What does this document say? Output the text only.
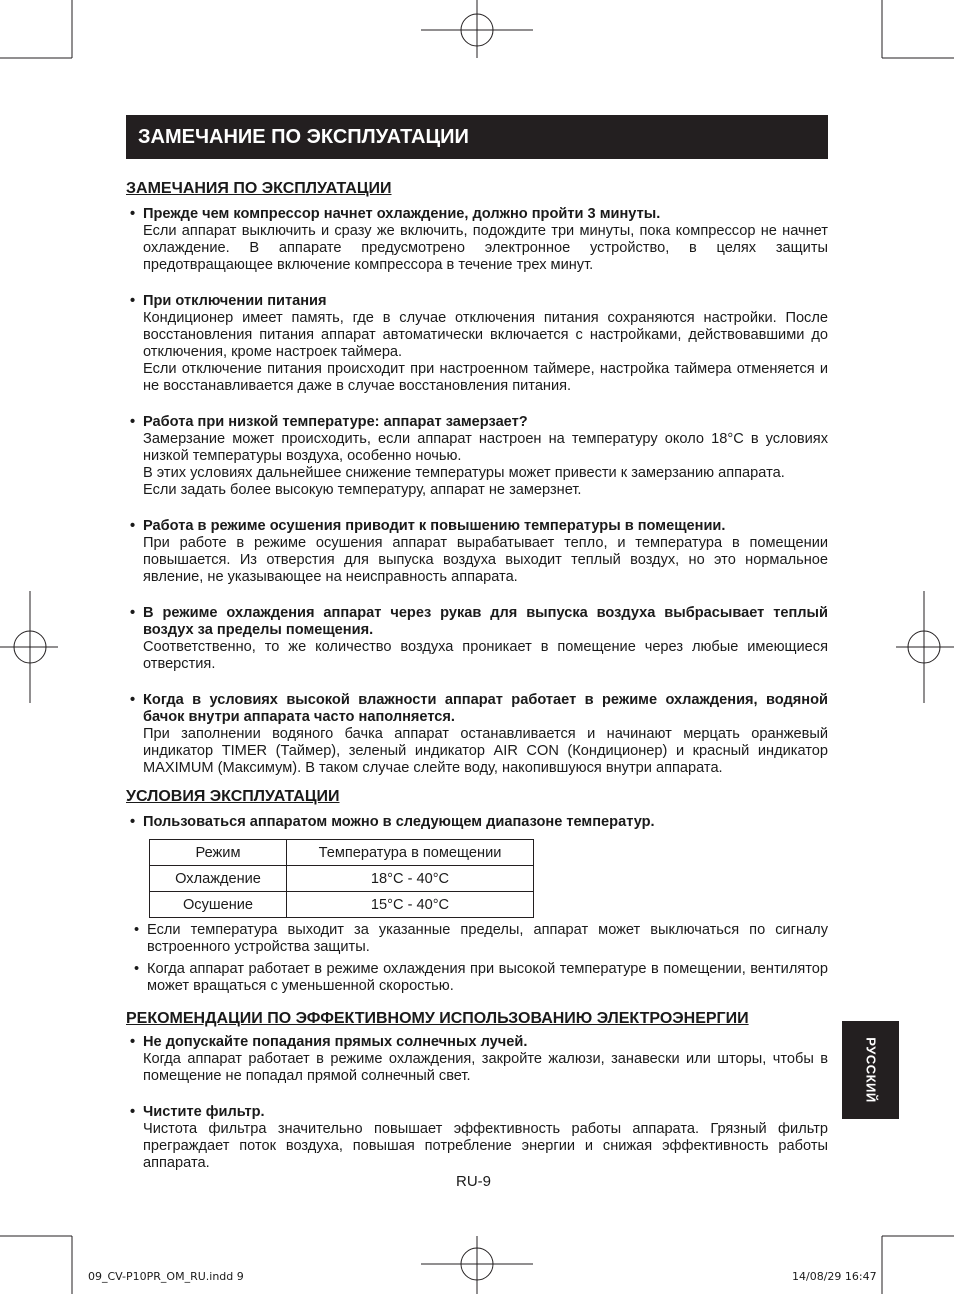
ЗАМЕЧАНИЕ ПО ЭКСПЛУАТАЦИИ
ЗАМЕЧАНИЯ ПО ЭКСПЛУАТАЦИИ
• Прежде чем компрессор начнет охлаждение, должно пройти 3 минуты.

Если аппарат выключить и сразу же включить, подождите три минуты, пока компрессор не начнет охлаждение. В аппарате предусмотрено электронное устройство, в целях защиты предотвращающее включение компрессора в течение трех минут.

• При отключении питания

Кондиционер имеет память, где в случае отключения питания сохраняются настройки. После восстановления питания аппарат автоматически включается с настройками, действовавшими до отключения, кроме настроек таймера.

Если отключение питания происходит при настроенном таймере, настройка таймера отменяется и не восстанавливается даже в случае восстановления питания.

• Работа при низкой температуре: аппарат замерзает?

Замерзание может происходить, если аппарат настроен на температуру около 18°C в условиях низкой температуры воздуха, особенно ночью.

В этих условиях дальнейшее снижение температуры может привести к замерзанию аппарата.

Если задать более высокую температуру, аппарат не замерзнет.

• Работа в режиме осушения приводит к повышению температуры в помещении.

При работе в режиме осушения аппарат вырабатывает тепло, и температура в помещении повышается. Из отверстия для выпуска воздуха выходит теплый воздух, но это нормальное явление, не указывающее на неисправность аппарата.

• В режиме охлаждения аппарат через рукав для выпуска воздуха выбрасывает теплый воздух за пределы помещения.

Соответственно, то же количество воздуха проникает в помещение через любые имеющиеся отверстия.

• Когда в условиях высокой влажности аппарат работает в режиме охлаждения, водяной бачок внутри аппарата часто наполняется.

При заполнении водяного бачка аппарат останавливается и начинают мерцать оранжевый индикатор TIMER (Таймер), зеленый индикатор AIR CON (Кондиционер) и красный индикатор MAXIMUM (Максимум). В таком случае слейте воду, накопившуюся внутри аппарата.

УСЛОВИЯ ЭКСПЛУАТАЦИИ
• Пользоваться аппаратом можно в следующем диапазоне температур.
Режим	Температура в помещении
Охлаждение	18°C - 40°C
Осушение	15°C - 40°C
• Если температура выходит за указанные пределы, аппарат может выключаться по сигналу встроенного устройства защиты.
• Когда аппарат работает в режиме охлаждения при высокой температуре в помещении, вентилятор может вращаться с уменьшенной скоростью.
РЕКОМЕНДАЦИИ ПО ЭФФЕКТИВНОМУ ИСПОЛЬЗОВАНИЮ ЭЛЕКТРОЭНЕРГИИ
• Не допускайте попадания прямых солнечных лучей.

Когда аппарат работает в режиме охлаждения, закройте жалюзи, занавески или шторы, чтобы в помещение не попадал прямой солнечный свет.

• Чистите фильтр.

Чистота фильтра значительно повышает эффективность работы аппарата. Грязный фильтр преграждает поток воздуха, повышая потребление энергии и снижая эффективность работы аппарата.

РУССКИЙ
RU-9
09_CV-P10PR_OM_RU.indd 9	14/08/29 16:47
